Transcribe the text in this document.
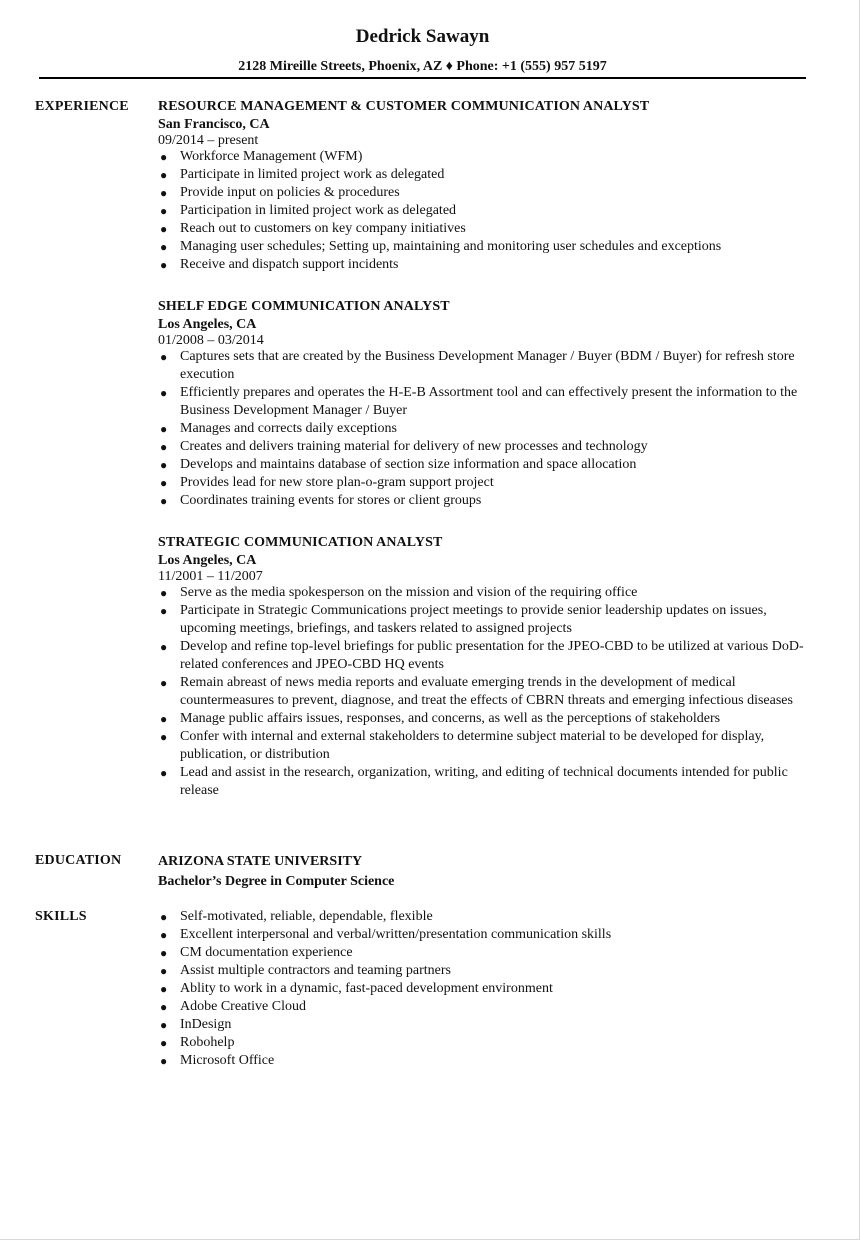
Dedrick Sawayn
2128 Mireille Streets, Phoenix, AZ ♦ Phone: +1 (555) 957 5197
EXPERIENCE RESOURCE MANAGEMENT & CUSTOMER COMMUNICATION ANALYST
San Francisco, CA
09/2014 – present
● Workforce Management (WFM)
● Participate in limited project work as delegated
● Provide input on policies & procedures
● Participation in limited project work as delegated
● Reach out to customers on key company initiatives
● Managing user schedules; Setting up, maintaining and monitoring user schedules and exceptions
● Receive and dispatch support incidents
SHELF EDGE COMMUNICATION ANALYST
Los Angeles, CA
01/2008 – 03/2014
● Captures sets that are created by the Business Development Manager / Buyer (BDM / Buyer) for refresh store execution
● Efficiently prepares and operates the H-E-B Assortment tool and can effectively present the information to the Business Development Manager / Buyer
● Manages and corrects daily exceptions
● Creates and delivers training material for delivery of new processes and technology
● Develops and maintains database of section size information and space allocation
● Provides lead for new store plan-o-gram support project
● Coordinates training events for stores or client groups
STRATEGIC COMMUNICATION ANALYST
Los Angeles, CA
11/2001 – 11/2007
● Serve as the media spokesperson on the mission and vision of the requiring office
● Participate in Strategic Communications project meetings to provide senior leadership updates on issues, upcoming meetings, briefings, and taskers related to assigned projects
● Develop and refine top-level briefings for public presentation for the JPEO-CBD to be utilized at various DoD-related conferences and JPEO-CBD HQ events
● Remain abreast of news media reports and evaluate emerging trends in the development of medical countermeasures to prevent, diagnose, and treat the effects of CBRN threats and emerging infectious diseases
● Manage public affairs issues, responses, and concerns, as well as the perceptions of stakeholders
● Confer with internal and external stakeholders to determine subject material to be developed for display, publication, or distribution
● Lead and assist in the research, organization, writing, and editing of technical documents intended for public release
EDUCATION	ARIZONA STATE UNIVERSITY
Bachelor’s Degree in Computer Science
SKILLS	● Self-motivated, reliable, dependable, flexible
● Excellent interpersonal and verbal/written/presentation communication skills
● CM documentation experience
● Assist multiple contractors and teaming partners
● Ablity to work in a dynamic, fast-paced development environment
● Adobe Creative Cloud
● InDesign
● Robohelp
● Microsoft Office
